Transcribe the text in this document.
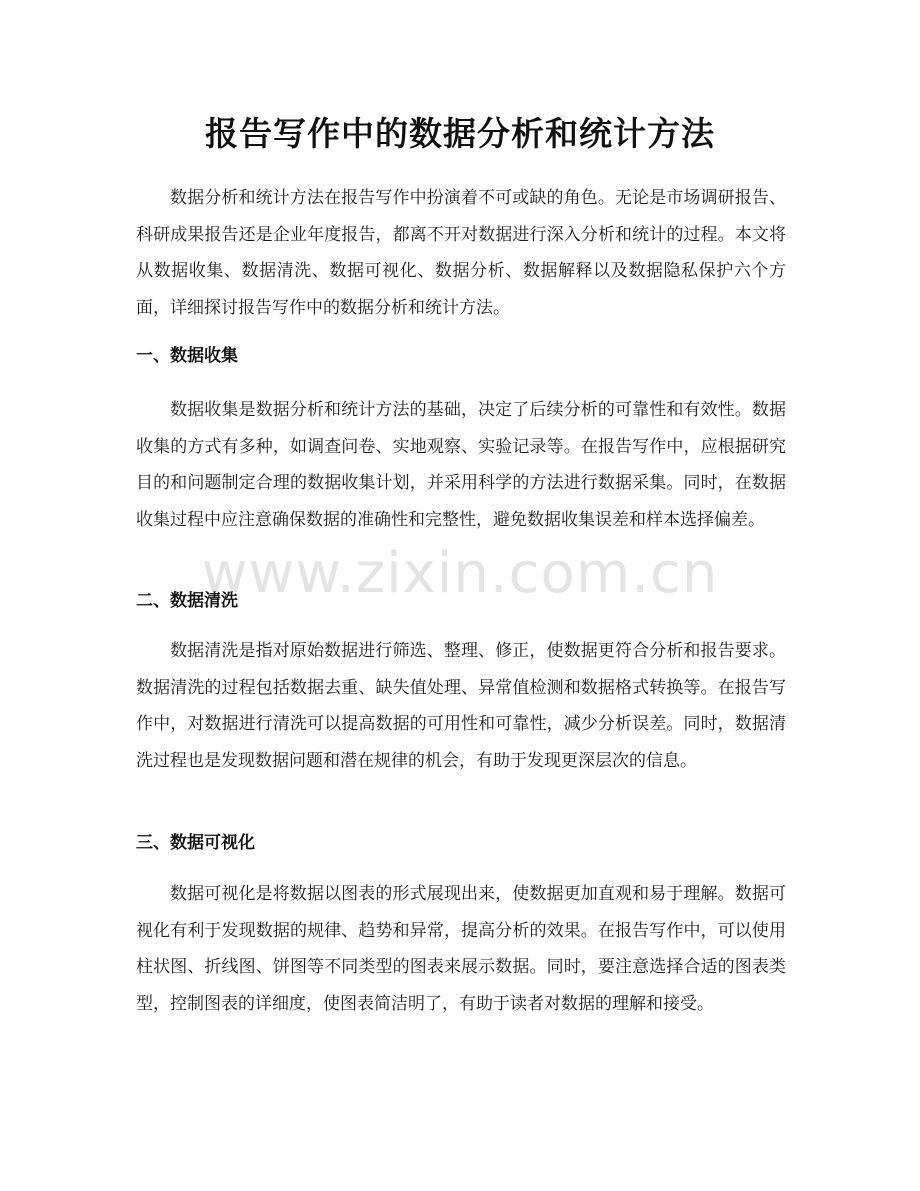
报告写作中的数据分析和统计方法

数据分析和统计方法在报告写作中扮演着不可或缺的角色。无论是市场调研报告、科研成果报告还是企业年度报告，都离不开对数据进行深入分析和统计的过程。本文将从数据收集、数据清洗、数据可视化、数据分析、数据解释以及数据隐私保护六个方面，详细探讨报告写作中的数据分析和统计方法。

一、数据收集

数据收集是数据分析和统计方法的基础，决定了后续分析的可靠性和有效性。数据收集的方式有多种，如调查问卷、实地观察、实验记录等。在报告写作中，应根据研究目的和问题制定合理的数据收集计划，并采用科学的方法进行数据采集。同时，在数据收集过程中应注意确保数据的准确性和完整性，避免数据收集误差和样本选择偏差。

二、数据清洗

数据清洗是指对原始数据进行筛选、整理、修正，使数据更符合分析和报告要求。数据清洗的过程包括数据去重、缺失值处理、异常值检测和数据格式转换等。在报告写作中，对数据进行清洗可以提高数据的可用性和可靠性，减少分析误差。同时，数据清洗过程也是发现数据问题和潜在规律的机会，有助于发现更深层次的信息。

三、数据可视化

数据可视化是将数据以图表的形式展现出来，使数据更加直观和易于理解。数据可视化有利于发现数据的规律、趋势和异常，提高分析的效果。在报告写作中，可以使用柱状图、折线图、饼图等不同类型的图表来展示数据。同时，要注意选择合适的图表类型，控制图表的详细度，使图表简洁明了，有助于读者对数据的理解和接受。

www.zixin.com.cn
